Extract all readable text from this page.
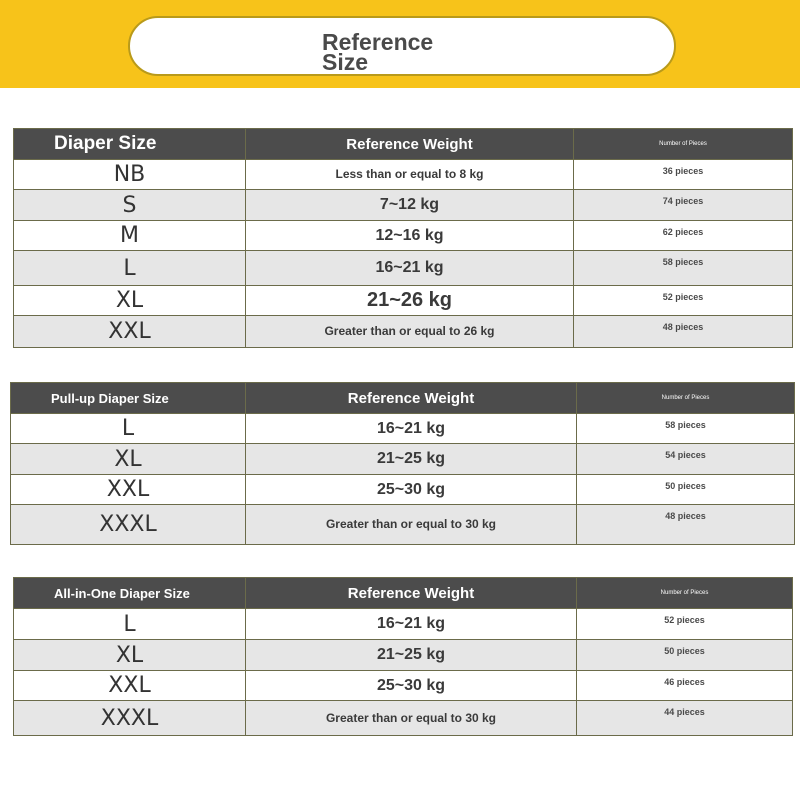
Reference Size
Diaper Size	Reference Weight	Number of Pieces
NB	Less than or equal to 8 kg	36 pieces
S	7~12 kg	74 pieces
M	12~16 kg	62 pieces
L	16~21 kg	58 pieces
XL	21~26 kg	52 pieces
XXL	Greater than or equal to 26 kg	48 pieces
Pull-up Diaper Size	Reference Weight	Number of Pieces
L	16~21 kg	58 pieces
XL	21~25 kg	54 pieces
XXL	25~30 kg	50 pieces
XXXL	Greater than or equal to 30 kg	48 pieces
All-in-One Diaper Size	Reference Weight	Number of Pieces
L	16~21 kg	52 pieces
XL	21~25 kg	50 pieces
XXL	25~30 kg	46 pieces
XXXL	Greater than or equal to 30 kg	44 pieces
